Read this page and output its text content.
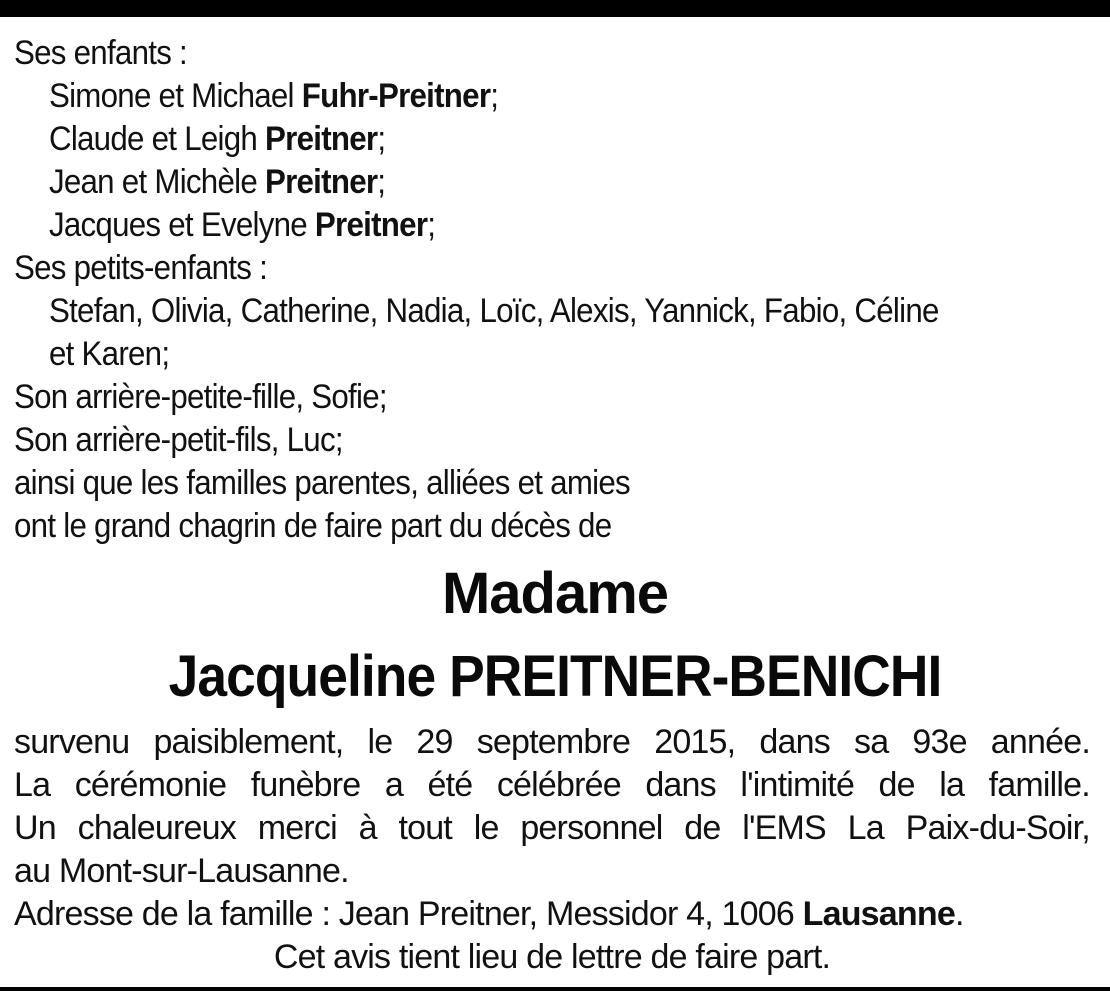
Ses enfants :
Simone et Michael Fuhr-Preitner;
Claude et Leigh Preitner;
Jean et Michèle Preitner;
Jacques et Evelyne Preitner;
Ses petits-enfants :
Stefan, Olivia, Catherine, Nadia, Loïc, Alexis, Yannick, Fabio, Céline
et Karen;
Son arrière-petite-fille, Sofie;
Son arrière-petit-fils, Luc;
ainsi que les familles parentes, alliées et amies
ont le grand chagrin de faire part du décès de
Madame
Jacqueline PREITNER-BENICHI
survenu paisiblement, le 29 septembre 2015, dans sa 93e année.
La cérémonie funèbre a été célébrée dans l'intimité de la famille.
Un chaleureux merci à tout le personnel de l'EMS La Paix-du-Soir,
au Mont-sur-Lausanne.
Adresse de la famille : Jean Preitner, Messidor 4, 1006 Lausanne.
Cet avis tient lieu de lettre de faire part.
